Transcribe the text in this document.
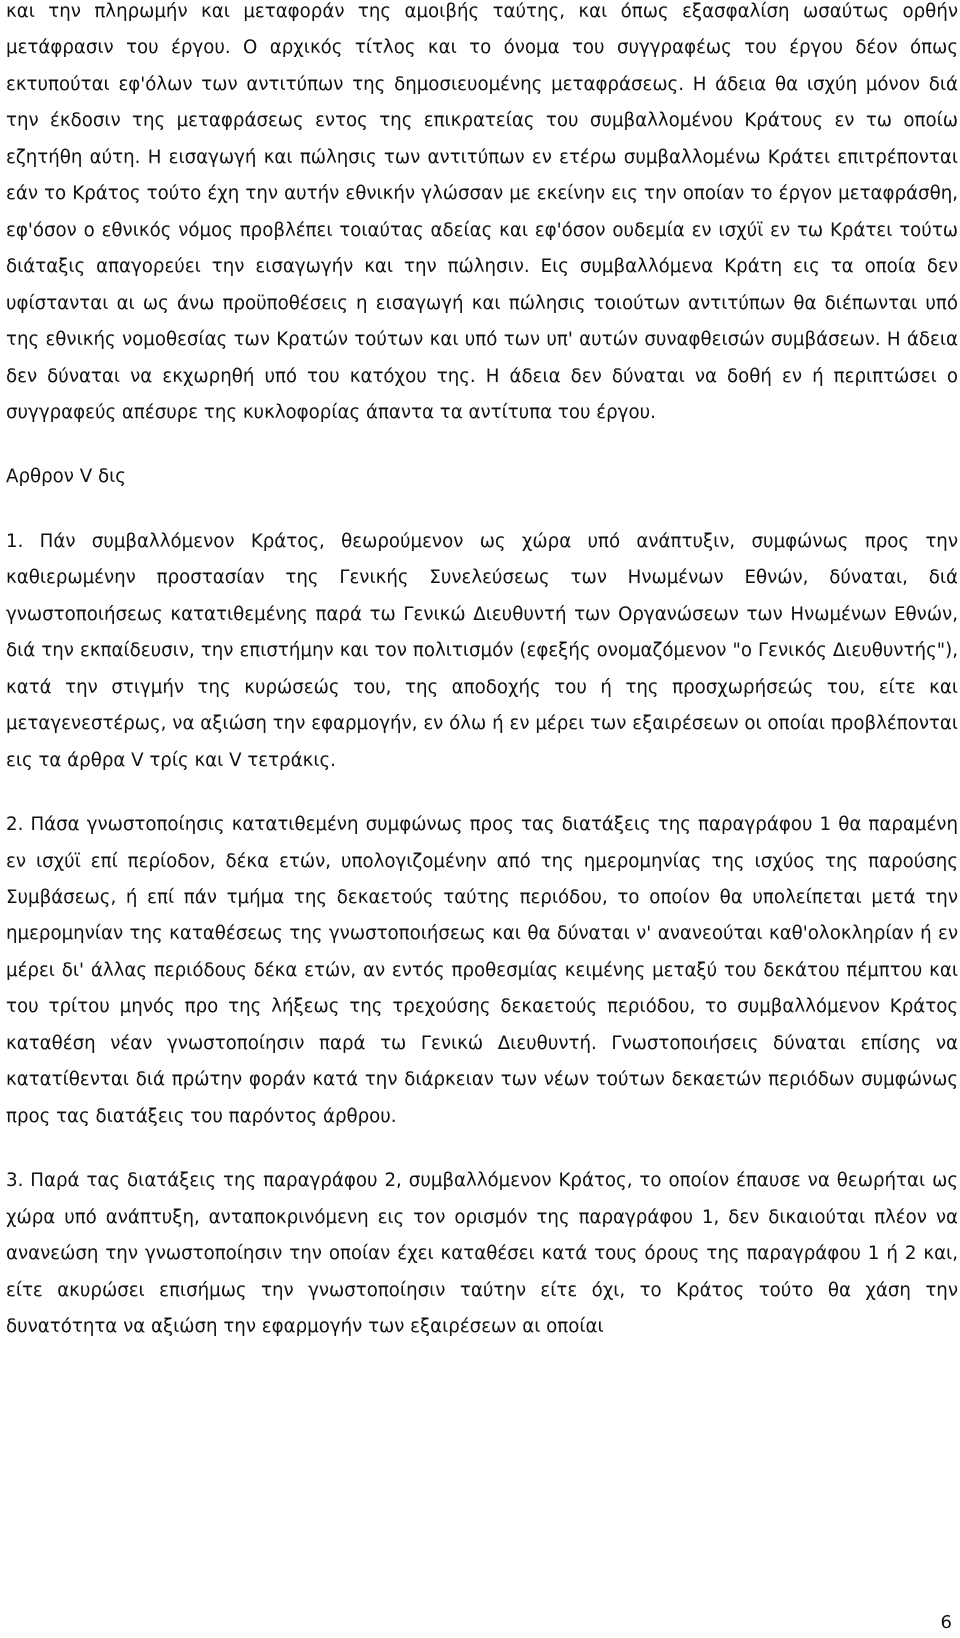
και την πληρωμήν και μεταφοράν της αμοιβής ταύτης, και όπως εξασφαλίση ωσαύτως ορθήν μετάφρασιν του έργου. Ο αρχικός τίτλος και το όνομα του συγγραφέως του έργου δέον όπως εκτυπούται εφ'όλων των αντιτύπων της δημοσιευομένης μεταφράσεως. Η άδεια θα ισχύη μόνον διά την έκδοσιν της μεταφράσεως εντος της επικρατείας του συμβαλλομένου Κράτους εν τω οποίω εζητήθη αύτη. Η εισαγωγή και πώλησις των αντιτύπων εν ετέρω συμβαλλομένω Κράτει επιτρέπονται εάν το Κράτος τούτο έχη την αυτήν εθνικήν γλώσσαν με εκείνην εις την οποίαν το έργον μεταφράσθη, εφ'όσον ο εθνικός νόμος προβλέπει τοιαύτας αδείας και εφ'όσον ουδεμία εν ισχύϊ εν τω Κράτει τούτω διάταξις απαγορεύει την εισαγωγήν και την πώλησιν. Εις συμβαλλόμενα Κράτη εις τα οποία δεν υφίστανται αι ως άνω προϋποθέσεις η εισαγωγή και πώλησις τοιούτων αντιτύπων θα διέπωνται υπό της εθνικής νομοθεσίας των Κρατών τούτων και υπό των υπ' αυτών συναφθεισών συμβάσεων. Η άδεια δεν δύναται να εκχωρηθή υπό του κατόχου της. Η άδεια δεν δύναται να δοθή εν ή περιπτώσει ο συγγραφεύς απέσυρε της κυκλοφορίας άπαντα τα αντίτυπα του έργου.

Αρθρον V δις

1. Πάν συμβαλλόμενον Κράτος, θεωρούμενον ως χώρα υπό ανάπτυξιν, συμφώνως προς την καθιερωμένην προστασίαν της Γενικής Συνελεύσεως των Ηνωμένων Εθνών, δύναται, διά γνωστοποιήσεως κατατιθεμένης παρά τω Γενικώ Διευθυντή των Οργανώσεων των Ηνωμένων Εθνών, διά την εκπαίδευσιν, την επιστήμην και τον πολιτισμόν (εφεξής ονομαζόμενον "ο Γενικός Διευθυντής"), κατά την στιγμήν της κυρώσεώς του, της αποδοχής του ή της προσχωρήσεώς του, είτε και μεταγενεστέρως, να αξιώση την εφαρμογήν, εν όλω ή εν μέρει των εξαιρέσεων οι οποίαι προβλέπονται εις τα άρθρα V τρίς και V τετράκις.

2. Πάσα γνωστοποίησις κατατιθεμένη συμφώνως προς τας διατάξεις της παραγράφου 1 θα παραμένη εν ισχύϊ επί περίοδον, δέκα ετών, υπολογιζομένην από της ημερομηνίας της ισχύος της παρούσης Συμβάσεως, ή επί πάν τμήμα της δεκαετούς ταύτης περιόδου, το οποίον θα υπολείπεται μετά την ημερομηνίαν της καταθέσεως της γνωστοποιήσεως και θα δύναται ν' ανανεούται καθ'ολοκληρίαν ή εν μέρει δι' άλλας περιόδους δέκα ετών, αν εντός προθεσμίας κειμένης μεταξύ του δεκάτου πέμπτου και του τρίτου μηνός προ της λήξεως της τρεχούσης δεκαετούς περιόδου, το συμβαλλόμενον Κράτος καταθέση νέαν γνωστοποίησιν παρά τω Γενικώ Διευθυντή. Γνωστοποιήσεις δύναται επίσης να κατατίθενται διά πρώτην φοράν κατά την διάρκειαν των νέων τούτων δεκαετών περιόδων συμφώνως προς τας διατάξεις του παρόντος άρθρου.

3. Παρά τας διατάξεις της παραγράφου 2, συμβαλλόμενον Κράτος, το οποίον έπαυσε να θεωρήται ως χώρα υπό ανάπτυξη, ανταποκρινόμενη εις τον ορισμόν της παραγράφου 1, δεν δικαιούται πλέον να ανανεώση την γνωστοποίησιν την οποίαν έχει καταθέσει κατά τους όρους της παραγράφου 1 ή 2 και, είτε ακυρώσει επισήμως την γνωστοποίησιν ταύτην είτε όχι, το Κράτος τούτο θα χάση την δυνατότητα να αξιώση την εφαρμογήν των εξαιρέσεων αι οποίαι

6
